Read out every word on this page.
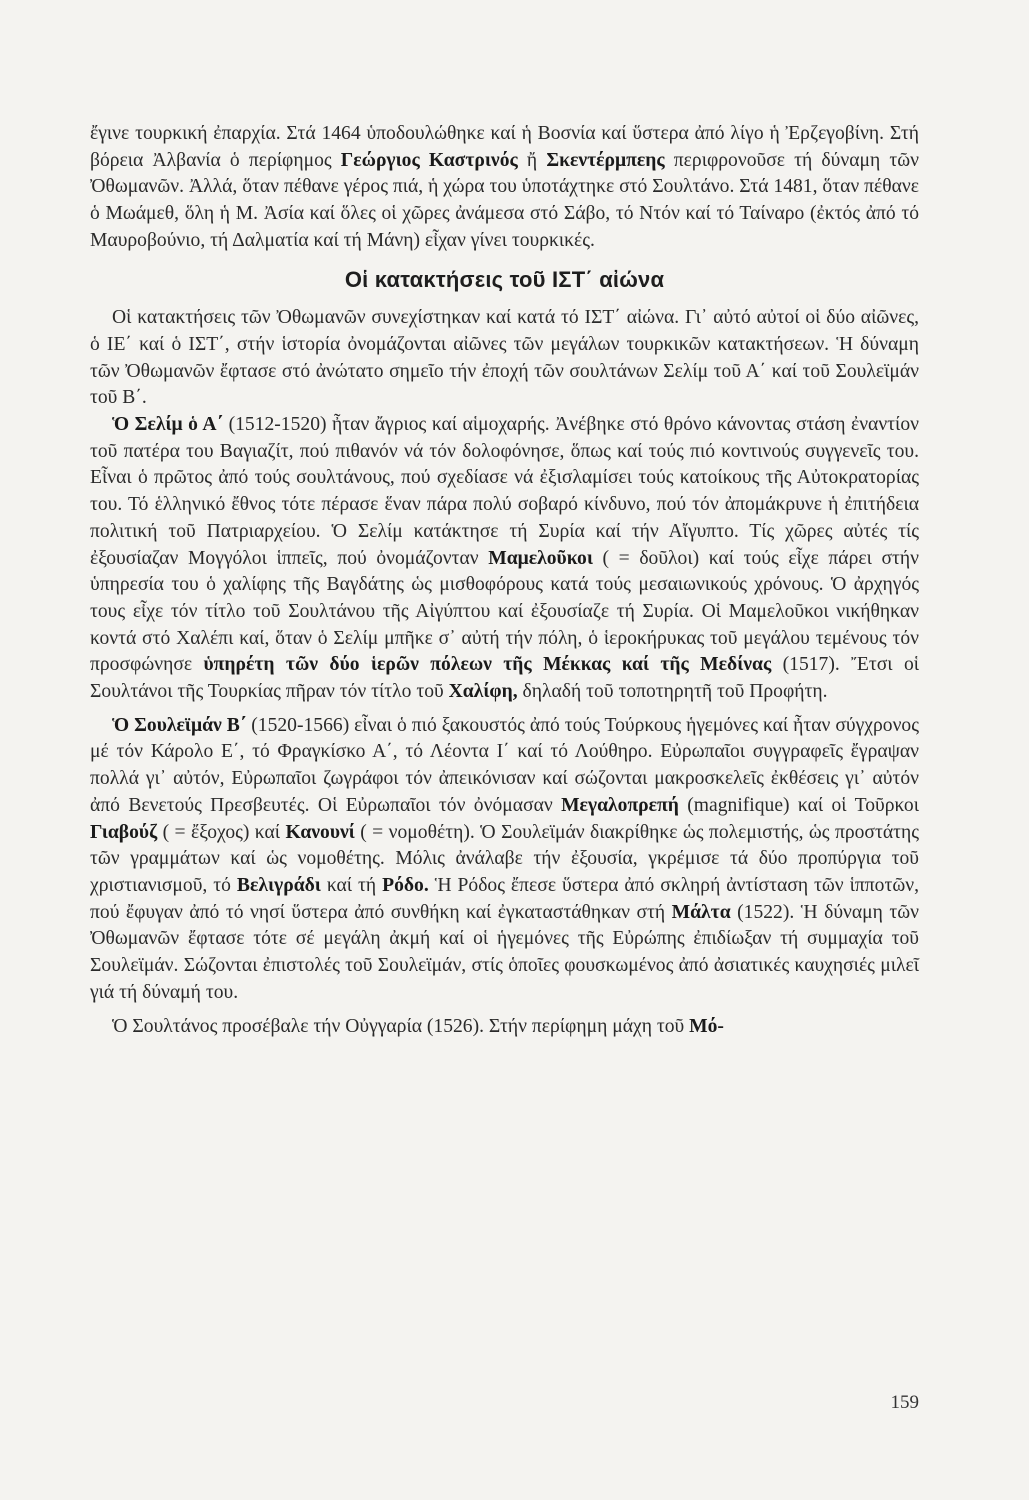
ἔγινε τουρκική ἐπαρχία. Στά 1464 ὑποδουλώθηκε καί ἡ Βοσνία καί ὕστερα ἀπό λίγο ἡ Ἐρζεγοβίνη. Στή βόρεια Ἀλβανία ὁ περίφημος Γεώργιος Καστρινός ἤ Σκεντέρμπεης περιφρονοῦσε τή δύναμη τῶν Ὀθωμανῶν. Ἀλλά, ὅταν πέθανε γέρος πιά, ἡ χώρα του ὑποτάχτηκε στό Σουλτάνο. Στά 1481, ὅταν πέθανε ὁ Μωάμεθ, ὅλη ἡ Μ. Ἀσία καί ὅλες οἱ χῶρες ἀνάμεσα στό Σάβο, τό Ντόν καί τό Ταίναρο (ἐκτός ἀπό τό Μαυροβούνιο, τή Δαλματία καί τή Μάνη) εἶχαν γίνει τουρκικές.

Οἱ κατακτήσεις τοῦ ΙΣΤ΄ αἰώνα

Οἱ κατακτήσεις τῶν Ὀθωμανῶν συνεχίστηκαν καί κατά τό ΙΣΤ΄ αἰώνα. Γι᾽ αὐτό αὐτοί οἱ δύο αἰῶνες, ὁ ΙΕ΄ καί ὁ ΙΣΤ΄, στήν ἱστορία ὀνομάζονται αἰῶνες τῶν μεγάλων τουρκικῶν κατακτήσεων. Ἡ δύναμη τῶν Ὀθωμανῶν ἔφτασε στό ἀνώτατο σημεῖο τήν ἐποχή τῶν σουλτάνων Σελίμ τοῦ Α΄ καί τοῦ Σουλεϊμάν τοῦ Β΄.

Ὁ Σελίμ ὁ Α΄ (1512-1520) ἦταν ἄγριος καί αἱμοχαρής. Ἀνέβηκε στό θρόνο κάνοντας στάση ἐναντίον τοῦ πατέρα του Βαγιαζίτ, πού πιθανόν νά τόν δολοφόνησε, ὅπως καί τούς πιό κοντινούς συγγενεῖς του. Εἶναι ὁ πρῶτος ἀπό τούς σουλτάνους, πού σχεδίασε νά ἐξισλαμίσει τούς κατοίκους τῆς Αὐτοκρατορίας του. Τό ἑλληνικό ἔθνος τότε πέρασε ἕναν πάρα πολύ σοβαρό κίνδυνο, πού τόν ἀπομάκρυνε ἡ ἐπιτήδεια πολιτική τοῦ Πατριαρχείου. Ὁ Σελίμ κατάκτησε τή Συρία καί τήν Αἴγυπτο. Τίς χῶρες αὐτές τίς ἐξουσίαζαν Μογγόλοι ἱππεῖς, πού ὀνομάζονταν Μαμελοῦκοι ( = δοῦλοι) καί τούς εἶχε πάρει στήν ὑπηρεσία του ὁ χαλίφης τῆς Βαγδάτης ὡς μισθοφόρους κατά τούς μεσαιωνικούς χρόνους. Ὁ ἀρχηγός τους εἶχε τόν τίτλο τοῦ Σουλτάνου τῆς Αἰγύπτου καί ἐξουσίαζε τή Συρία. Οἱ Μαμελοῦκοι νικήθηκαν κοντά στό Χαλέπι καί, ὅταν ὁ Σελίμ μπῆκε σ᾽ αὐτή τήν πόλη, ὁ ἱεροκήρυκας τοῦ μεγάλου τεμένους τόν προσφώνησε ὑπηρέτη τῶν δύο ἱερῶν πόλεων τῆς Μέκκας καί τῆς Μεδίνας (1517). Ἔτσι οἱ Σουλτάνοι τῆς Τουρκίας πῆραν τόν τίτλο τοῦ Χαλίφη, δηλαδή τοῦ τοποτηρητῆ τοῦ Προφήτη.

Ὁ Σουλεϊμάν Β΄ (1520-1566) εἶναι ὁ πιό ξακουστός ἀπό τούς Τούρκους ἡγεμόνες καί ἦταν σύγχρονος μέ τόν Κάρολο Ε΄, τό Φραγκίσκο Α΄, τό Λέοντα Ι΄ καί τό Λούθηρο. Εὐρωπαῖοι συγγραφεῖς ἔγραψαν πολλά γι᾽ αὐτόν, Εὐρωπαῖοι ζωγράφοι τόν ἀπεικόνισαν καί σώζονται μακροσκελεῖς ἐκθέσεις γι᾽ αὐτόν ἀπό Βενετούς Πρεσβευτές. Οἱ Εὐρωπαῖοι τόν ὀνόμασαν Μεγαλοπρεπή (magnifique) καί οἱ Τοῦρκοι Γιαβούζ ( = ἔξοχος) καί Κανουνί ( = νομοθέτη). Ὁ Σουλεϊμάν διακρίθηκε ὡς πολεμιστής, ὡς προστάτης τῶν γραμμάτων καί ὡς νομοθέτης. Μόλις ἀνάλαβε τήν ἐξουσία, γκρέμισε τά δύο προπύργια τοῦ χριστιανισμοῦ, τό Βελιγράδι καί τή Ρόδο. Ἡ Ρόδος ἔπεσε ὕστερα ἀπό σκληρή ἀντίσταση τῶν ἱπποτῶν, πού ἔφυγαν ἀπό τό νησί ὕστερα ἀπό συνθήκη καί ἐγκαταστάθηκαν στή Μάλτα (1522). Ἡ δύναμη τῶν Ὀθωμανῶν ἔφτασε τότε σέ μεγάλη ἀκμή καί οἱ ἡγεμόνες τῆς Εὐρώπης ἐπιδίωξαν τή συμμαχία τοῦ Σουλεϊμάν. Σώζονται ἐπιστολές τοῦ Σουλεϊμάν, στίς ὁποῖες φουσκωμένος ἀπό ἀσιατικές καυχησιές μιλεῖ γιά τή δύναμή του.

Ὁ Σουλτάνος προσέβαλε τήν Οὐγγαρία (1526). Στήν περίφημη μάχη τοῦ Μό-

159
